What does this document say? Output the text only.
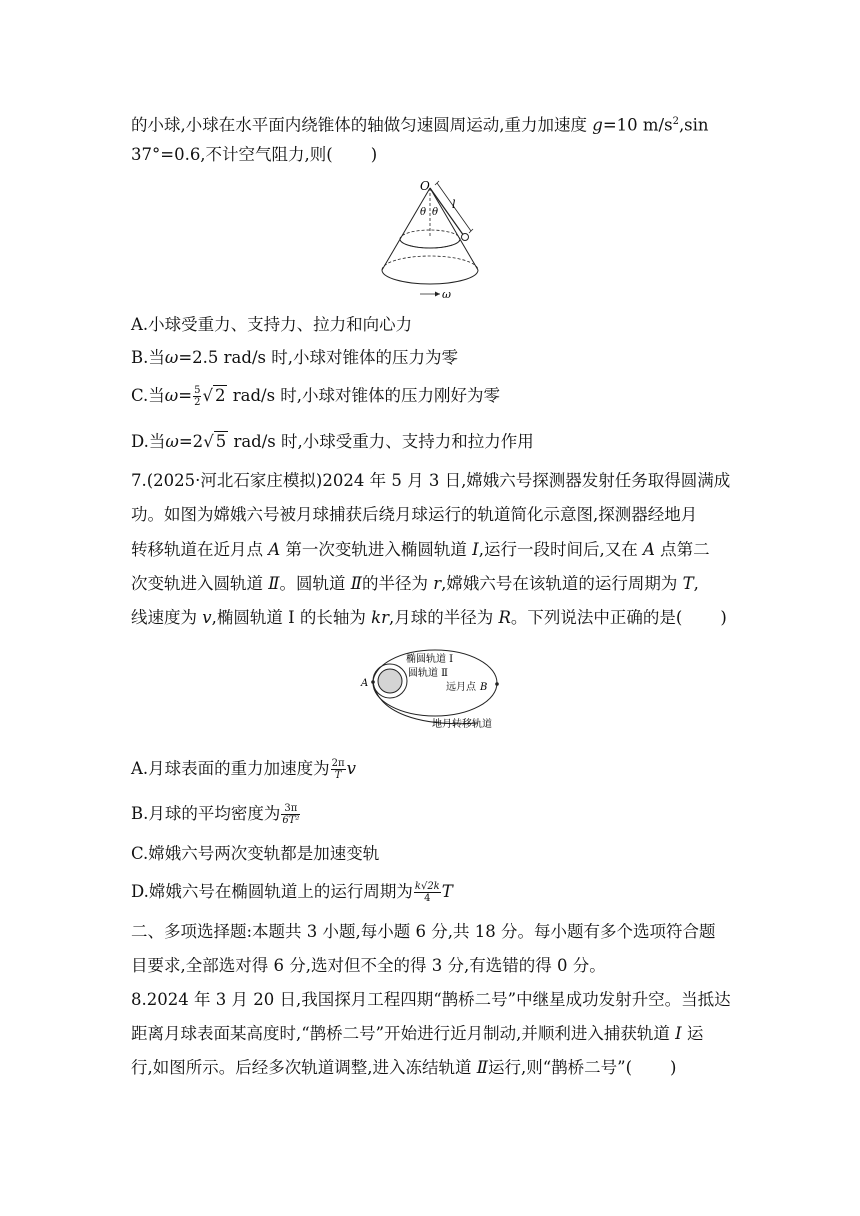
的小球,小球在水平面内绕锥体的轴做匀速圆周运动,重力加速度 g=10 $m/s^2,\sin$
37°=0.6,不计空气阻力,则( )
O
θ θ
l
ω
A.小球受重力、支持力、拉力和向心力
B.当ω=2.5 rad/s 时,小球对锥体的压力为零
C.当$\omega= \frac{5}{2}$ √ 2 rad/s 时,小球对锥体的压力刚好为零
D.当ω=2√ 5 rad/s 时,小球受重力、支持力和拉力作用
7.(2025·河北石家庄模拟)2024 年 5 月 3 日,嫦娥六号探测器发射任务取得圆满成
功。如图为嫦娥六号被月球捕获后绕月球运行的轨道简化示意图,探测器经地月
转移轨道在近月点 A 第一次变轨进入椭圆轨道 Ⅰ,运行一段时间后,又在 A 点第二
次变轨进入圆轨道 Ⅱ。圆轨道 Ⅱ的半径为 r,嫦娥六号在该轨道的运行周期为 T,
线速度为 v,椭圆轨道 I 的长轴为 kr,月球的半径为 R。下列说法中正确的是( )
椭圆轨道 Ⅰ
圆轨道 Ⅱ
远月点 B
A
地月转移轨道
A.月球表面的重力加速度为 $\frac{2\pi}{T}$ v
B.月球的平均密度为 $\frac{3\pi}{\text{6T²}}$
C.嫦娥六号两次变轨都是加速变轨
D.嫦娥六号在椭圆轨道上的运行周期为 $\frac{k√2k}{4}$ T
二、多项选择题:本题共 3 小题,每小题 6 分,共 18 分。每小题有多个选项符合题
目要求,全部选对得 6 分,选对但不全的得 3 分,有选错的得 0 分。
8.2024 年 3 月 20 日,我国探月工程四期“鹊桥二号”中继星成功发射升空。当抵达
距离月球表面某高度时,“鹊桥二号”开始进行近月制动,并顺利进入捕获轨道 Ⅰ 运
行,如图所示。后经多次轨道调整,进入冻结轨道 Ⅱ运行,则“鹊桥二号”( )
